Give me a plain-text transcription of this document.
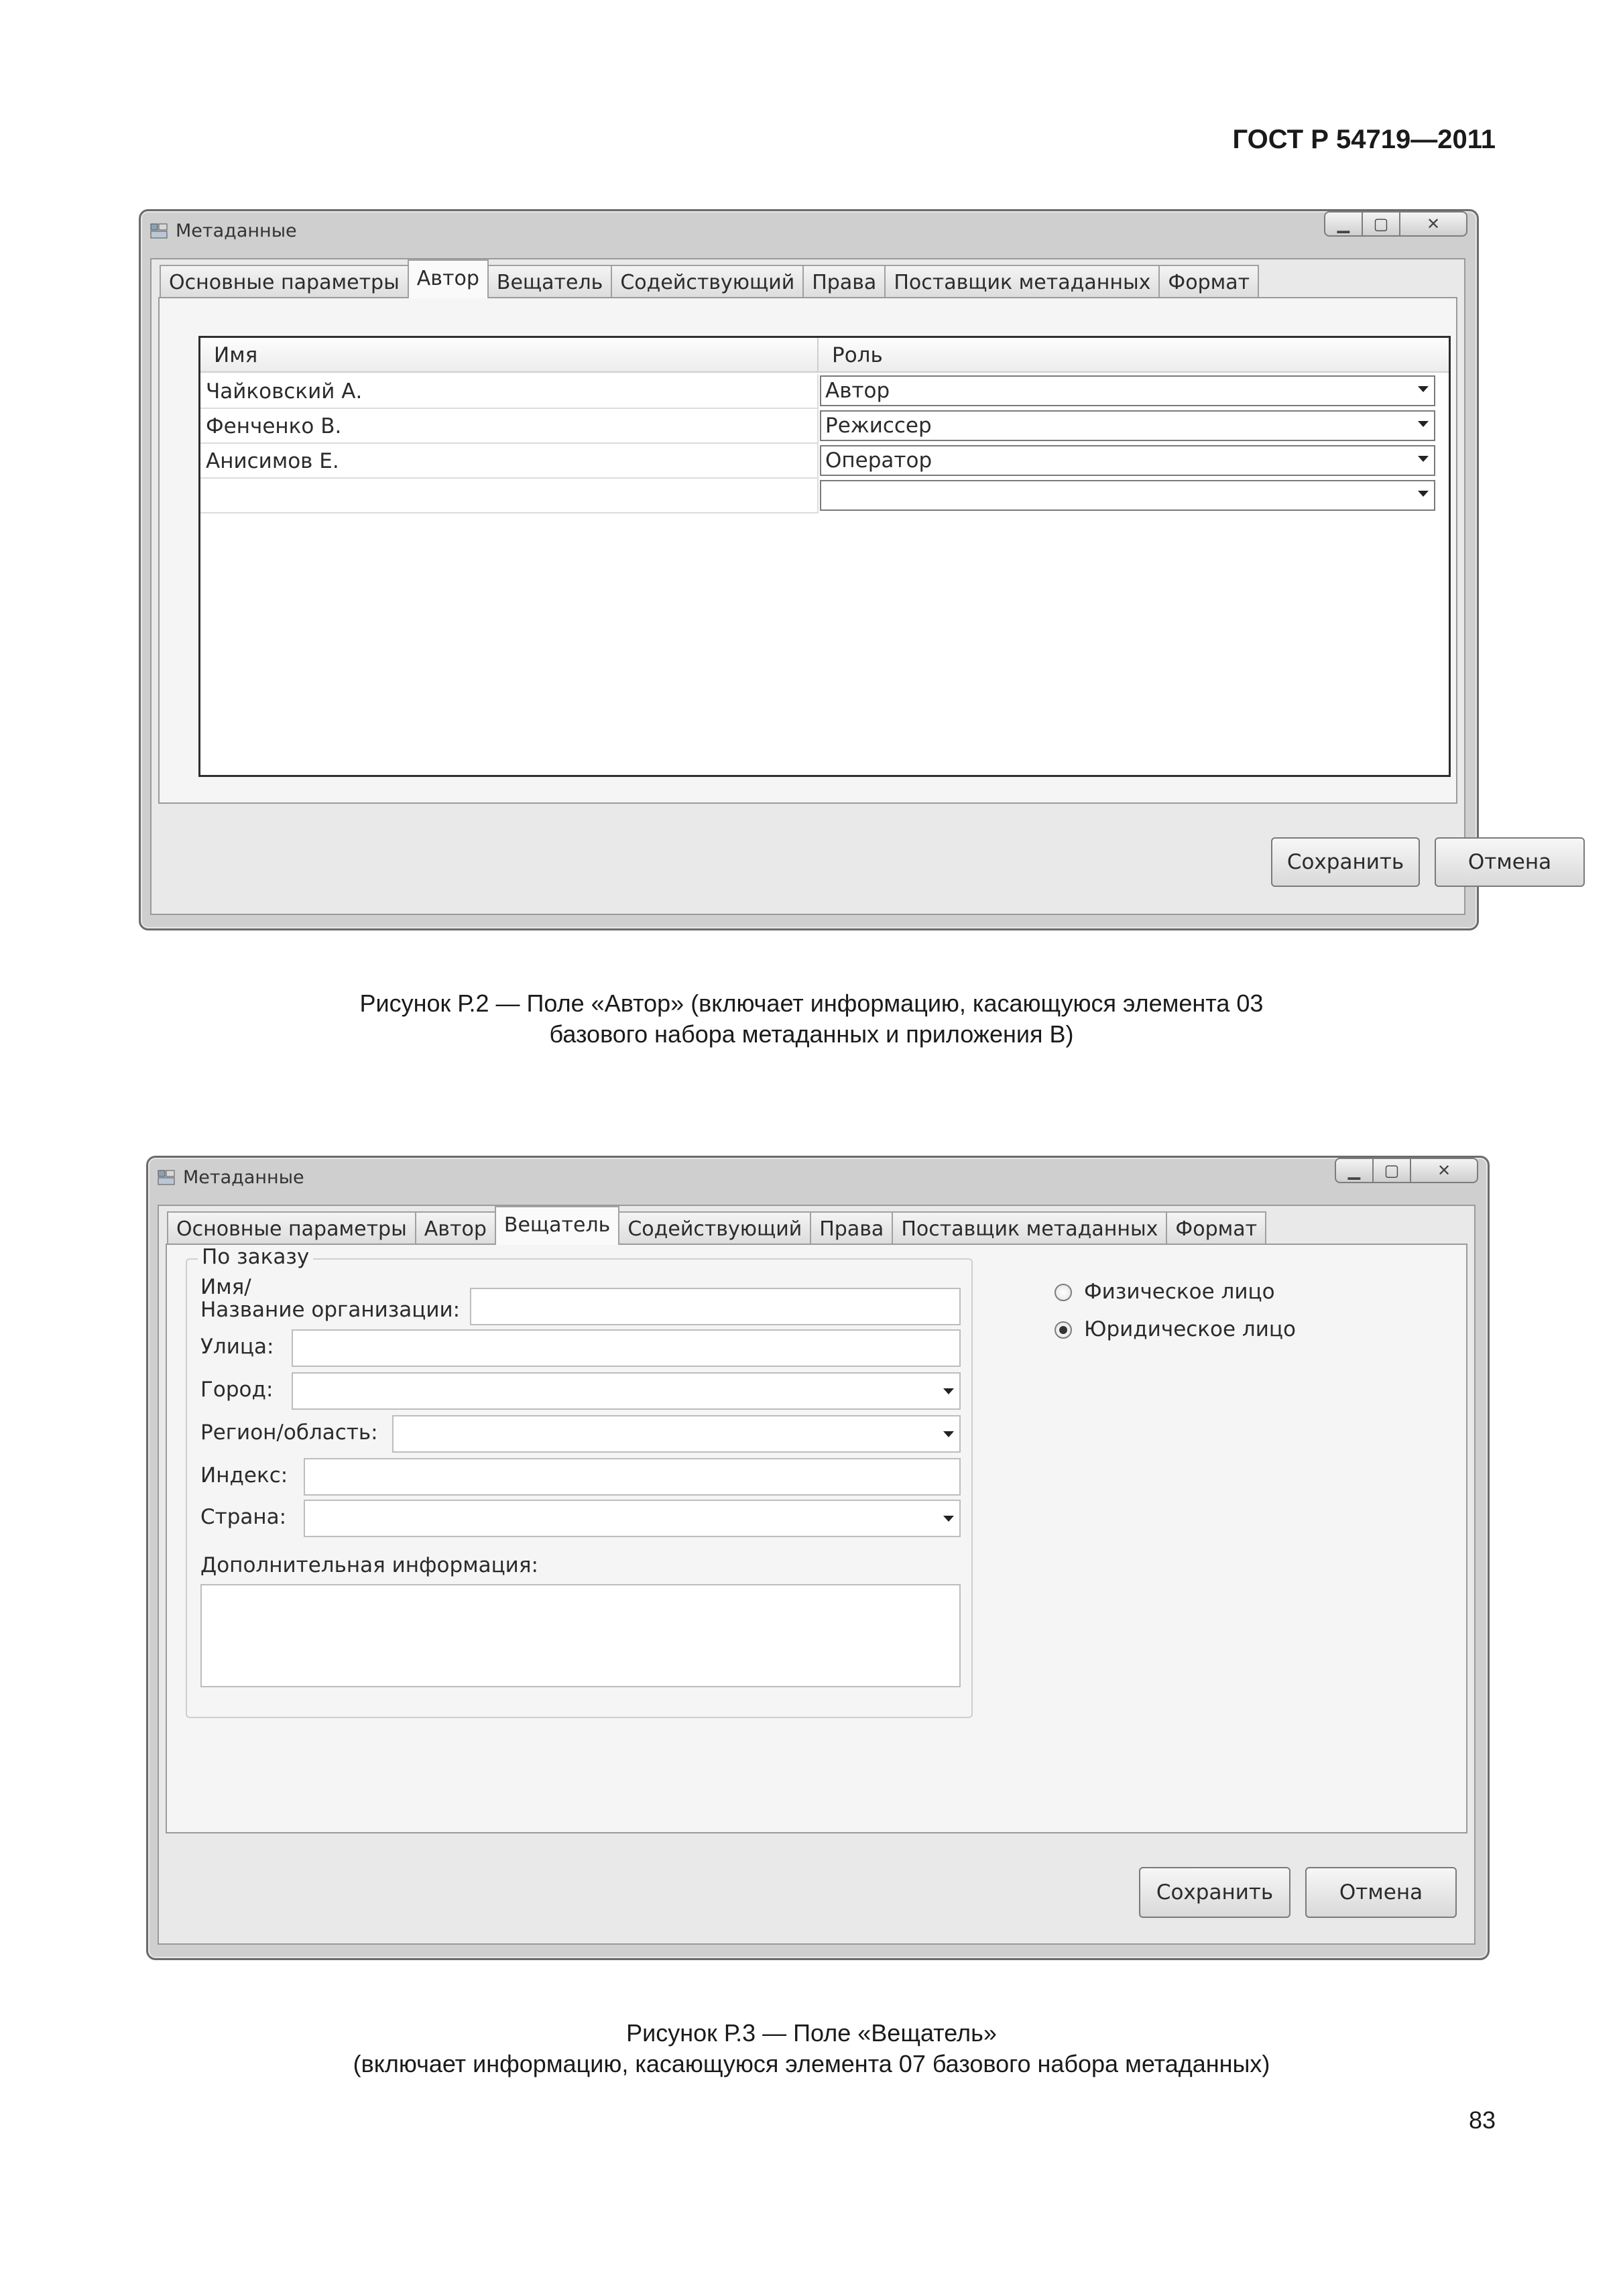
ГОСТ Р 54719—2011
Метаданные	▁	▢	✕
Основные параметры Автор Вещатель Содействующий Права Поставщик метаданных Формат
Имя	Роль
Чайковский А.	Автор
Фенченко В.	Режиссер
Анисимов Е.	Оператор
Сохранить	Отмена
Рисунок Р.2 — Поле «Автор» (включает информацию, касающуюся элемента 03
базового набора метаданных и приложения В)
Метаданные	▁	▢	✕
Основные параметры Автор Вещатель Содействующий Права Поставщик метаданных Формат
По заказу
Имя/
Название организации:
Улица:
Город:
Регион/область:
Индекс:
Страна:
Дополнительная информация:
Физическое лицо
Юридическое лицо
Сохранить	Отмена
Рисунок Р.3 — Поле «Вещатель»
(включает информацию, касающуюся элемента 07 базового набора метаданных)
83
